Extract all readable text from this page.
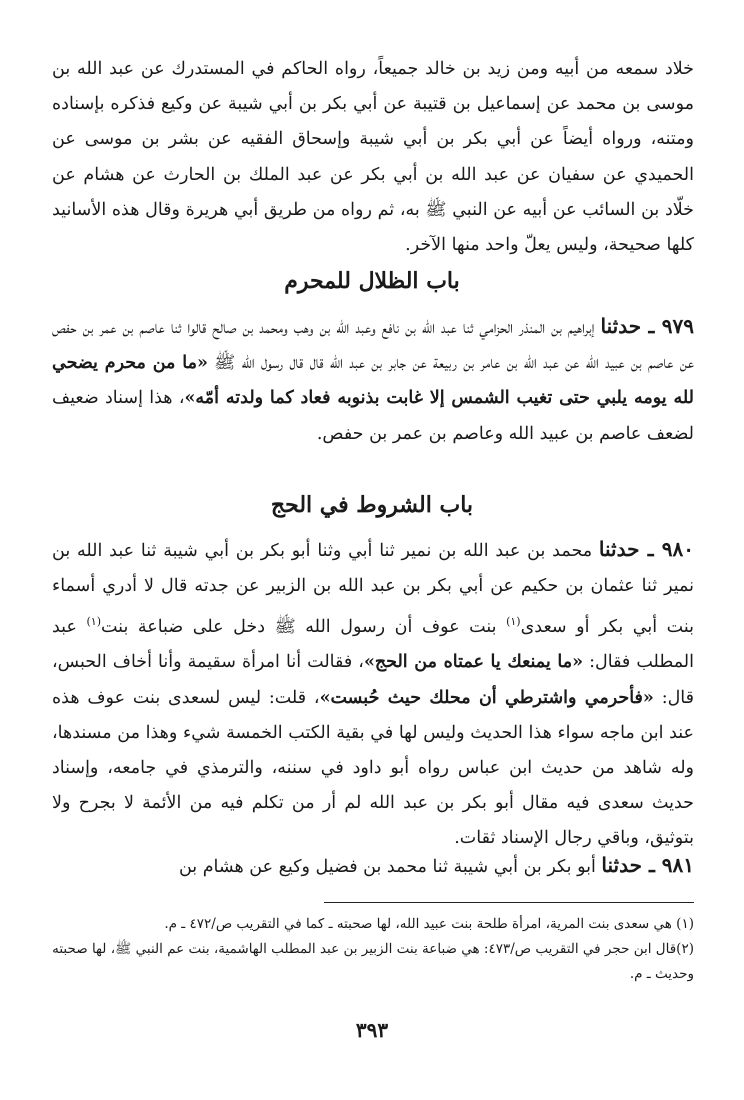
خلاد سمعه من أبيه ومن زيد بن خالد جميعاً، رواه الحاكم في المستدرك عن عبد الله بن موسى بن محمد عن إسماعيل بن قتيبة عن أبي بكر بن أبي شيبة عن وكيع فذكره بإسناده ومتنه، ورواه أيضاً عن أبي بكر بن أبي شيبة وإسحاق الفقيه عن بشر بن موسى عن الحميدي عن سفيان عن عبد الله بن أبي بكر عن عبد الملك بن الحارث عن هشام عن خلّاد بن السائب عن أبيه عن النبي ﷺ به، ثم رواه من طريق أبي هريرة وقال هذه الأسانيد كلها صحيحة، وليس يعلّ واحد منها الآخر.

باب الظلال للمحرم

٩٧٩ ـ حدثنا إبراهيم بن المنذر الحزامي ثنا عبد الله بن نافع وعبد الله بن وهب ومحمد بن صالح قالوا ثنا عاصم بن عمر بن حفص عن عاصم بن عبيد الله عن عبد الله بن عامر بن ربيعة عن جابر بن عبد الله قال قال رسول الله ﷺ «ما من محرم يضحي لله يومه يلبي حتى تغيب الشمس إلا غابت بذنوبه فعاد كما ولدته أمّه»، هذا إسناد ضعيف لضعف عاصم بن عبيد الله وعاصم بن عمر بن حفص.

باب الشروط في الحج

٩٨٠ ـ حدثنا محمد بن عبد الله بن نمير ثنا أبي وثنا أبو بكر بن أبي شيبة ثنا عبد الله بن نمير ثنا عثمان بن حكيم عن أبي بكر بن عبد الله بن الزبير عن جدته قال لا أدري أسماء بنت أبي بكر أو سعدى$^{(١)}$ بنت عوف أن رسول الله ﷺ دخل على ضباعة بنت$^{(١)}$ عبد المطلب فقال: «ما يمنعك يا عمتاه من الحج»، فقالت أنا امرأة سقيمة وأنا أخاف الحبس، قال: «فأحرمي واشترطي أن محلك حيث حُبست»، قلت: ليس لسعدى بنت عوف هذه عند ابن ماجه سواء هذا الحديث وليس لها في بقية الكتب الخمسة شيء وهذا من مسندها، وله شاهد من حديث ابن عباس رواه أبو داود في سننه، والترمذي في جامعه، وإسناد حديث سعدى فيه مقال أبو بكر بن عبد الله لم أر من تكلم فيه من الأئمة لا بجرح ولا بتوثيق، وباقي رجال الإسناد ثقات.

٩٨١ ـ حدثنا أبو بكر بن أبي شيبة ثنا محمد بن فضيل وكيع عن هشام بن

(١) هي سعدى بنت المرية، امرأة طلحة بنت عبيد الله، لها صحبته ـ كما في التقريب ص/٤٧٢ ـ م.

(٢)قال ابن حجر في التقريب ص/٤٧٣: هي ضباعة بنت الزبير بن عبد المطلب الهاشمية، بنت عم النبي ﷺ، لها صحبته وحديث ـ م.

٣٩٣
